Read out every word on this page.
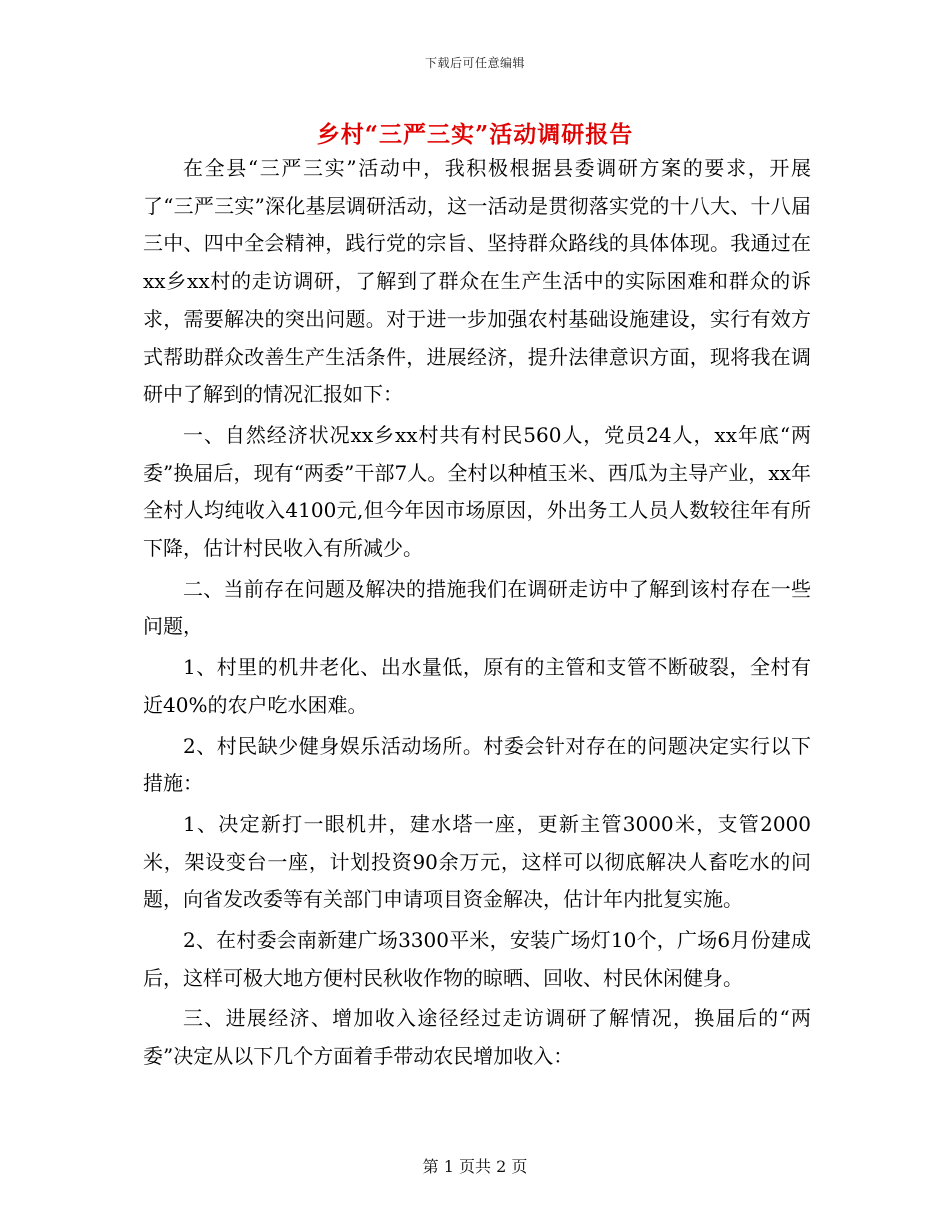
下载后可任意编辑
乡村“三严三实”活动调研报告

在全县“三严三实”活动中，我积极根据县委调研方案的要求，开展了“三严三实”深化基层调研活动，这一活动是贯彻落实党的十八大、十八届三中、四中全会精神，践行党的宗旨、坚持群众路线的具体体现。我通过在xx乡xx村的走访调研，了解到了群众在生产生活中的实际困难和群众的诉求，需要解决的突出问题。对于进一步加强农村基础设施建设，实行有效方式帮助群众改善生产生活条件，进展经济，提升法律意识方面，现将我在调研中了解到的情况汇报如下：

一、自然经济状况xx乡xx村共有村民560人，党员24人，xx年底“两委”换届后，现有“两委”干部7人。全村以种植玉米、西瓜为主导产业，xx年全村人均纯收入4100元,但今年因市场原因，外出务工人员人数较往年有所下降，估计村民收入有所减少。

二、当前存在问题及解决的措施我们在调研走访中了解到该村存在一些问题，

1、村里的机井老化、出水量低，原有的主管和支管不断破裂，全村有近40%的农户吃水困难。

2、村民缺少健身娱乐活动场所。村委会针对存在的问题决定实行以下措施：

1、决定新打一眼机井，建水塔一座，更新主管3000米，支管2000米，架设变台一座，计划投资90余万元，这样可以彻底解决人畜吃水的问题，向省发改委等有关部门申请项目资金解决，估计年内批复实施。

2、在村委会南新建广场3300平米，安装广场灯10个，广场6月份建成后，这样可极大地方便村民秋收作物的晾晒、回收、村民休闲健身。

三、进展经济、增加收入途径经过走访调研了解情况，换届后的“两委”决定从以下几个方面着手带动农民增加收入：

第 1 页共 2 页
